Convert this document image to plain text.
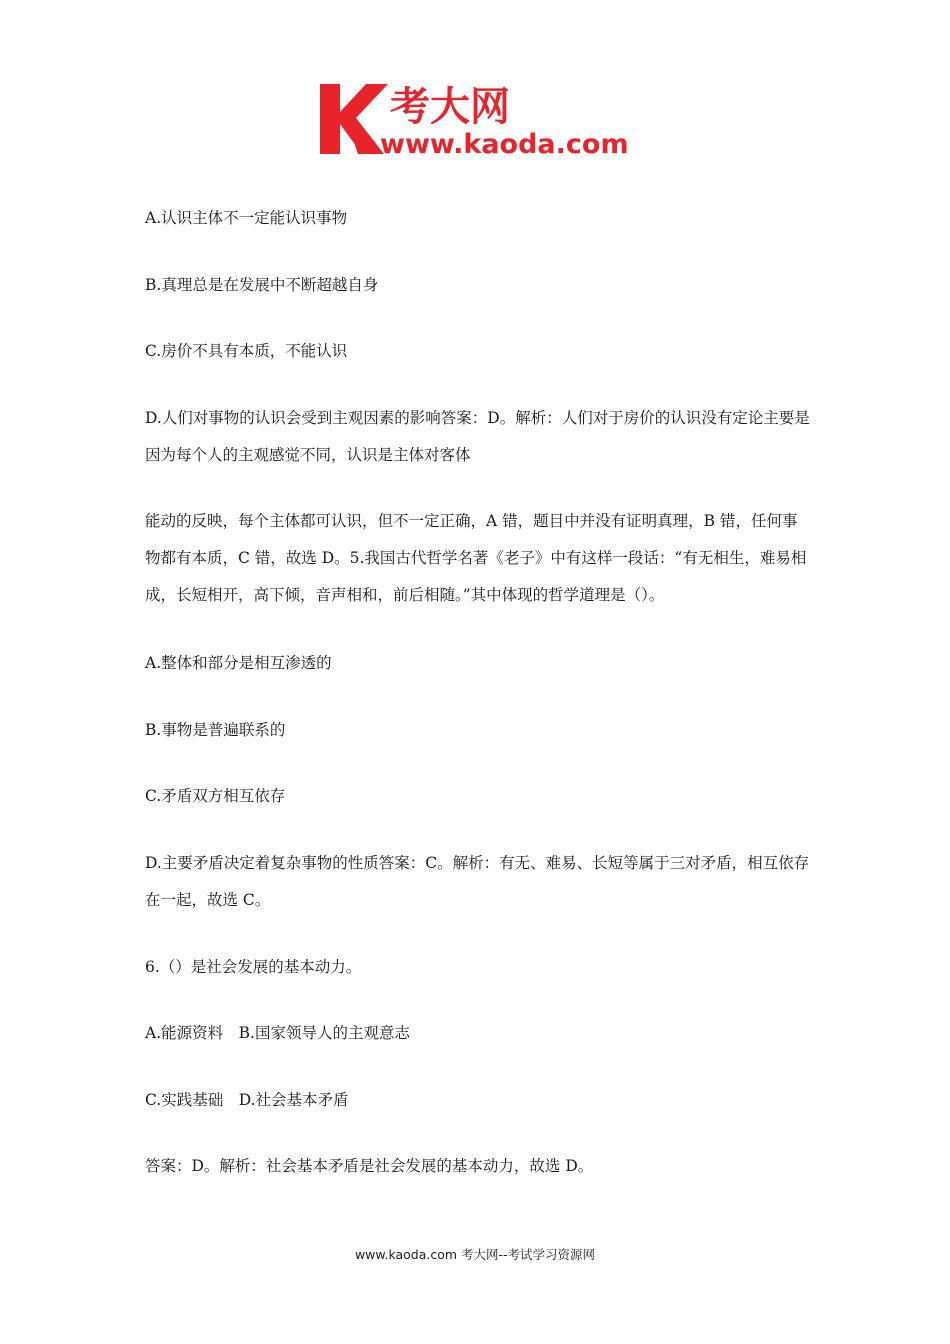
考大网
www.kaoda.com
A.认识主体不一定能认识事物
B.真理总是在发展中不断超越自身
C.房价不具有本质，不能认识
D.人们对事物的认识会受到主观因素的影响答案：D。解析：人们对于房价的认识没有定论主要是因为每个人的主观感觉不同，认识是主体对客体
能动的反映，每个主体都可认识，但不一定正确，A 错，题目中并没有证明真理，B 错，任何事物都有本质，C 错，故选 D。5.我国古代哲学名著《老子》中有这样一段话：“有无相生，难易相成，长短相开，高下倾，音声相和，前后相随。”其中体现的哲学道理是（）。
A.整体和部分是相互渗透的
B.事物是普遍联系的
C.矛盾双方相互依存
D.主要矛盾决定着复杂事物的性质答案：C。解析：有无、难易、长短等属于三对矛盾，相互依存在一起，故选 C。
6.（）是社会发展的基本动力。
A.能源资料　B.国家领导人的主观意志
C.实践基础　D.社会基本矛盾
答案：D。解析：社会基本矛盾是社会发展的基本动力，故选 D。
www.kaoda.com 考大网--考试学习资源网
